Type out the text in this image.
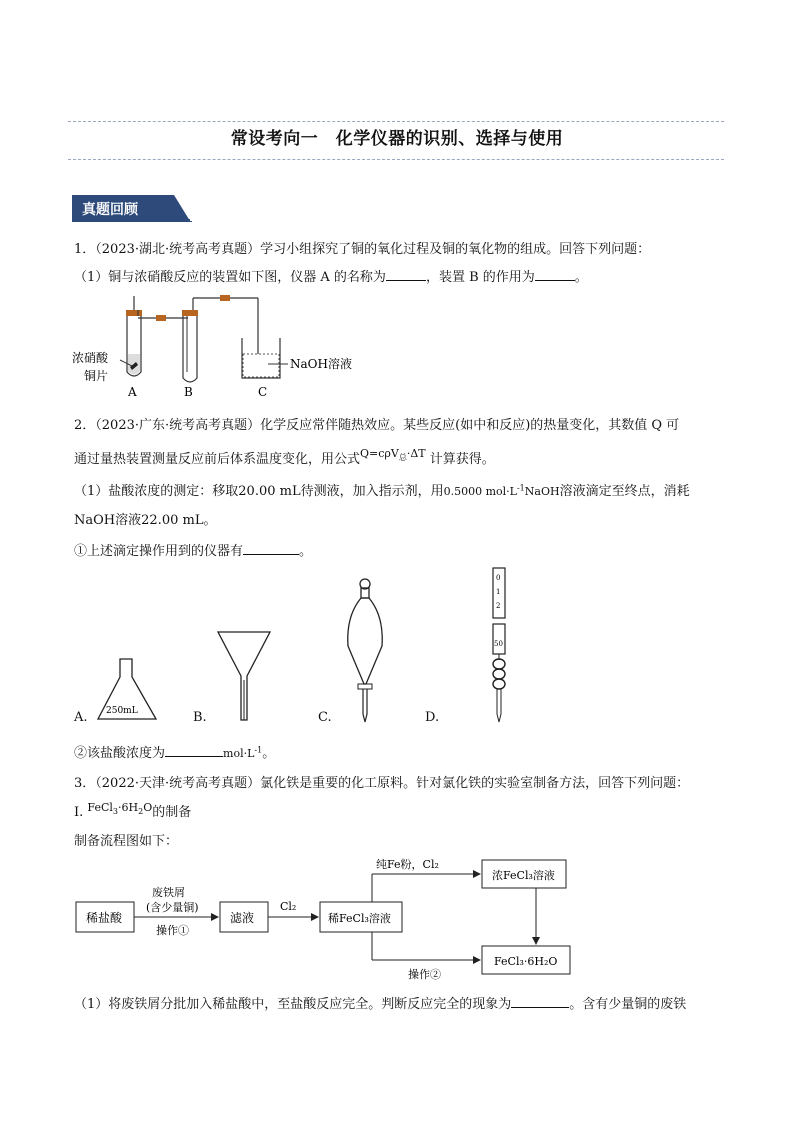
常设考向一　化学仪器的识别、选择与使用
真题回顾
1．（2023·湖北·统考高考真题）学习小组探究了铜的氧化过程及铜的氧化物的组成。回答下列问题：
（1）铜与浓硝酸反应的装置如下图，仪器 A 的名称为	，装置 B 的作用为	。
浓硝酸
铜片
NaOH溶液
A	B	C
2．（2023·广东·统考高考真题）化学反应常伴随热效应。某些反应(如中和反应)的热量变化，其数值 Q 可
通过量热装置测量反应前后体系温度变化，用公式$^{Q=c\rho V_总\cdot\Delta T}$ 计算获得。
（1）盐酸浓度的测定：移取20.00 mL待测液，加入指示剂，用0.5000 $mol\cdot L^{-1}NaOH$溶液滴定至终点，消耗
NaOH溶液22.00 mL。
①上述滴定操作用到的仪器有	。
A. 250mL	B.	C.	D.
0
1
2
50
②该盐酸浓度为	$mol\cdot L^{-1}$。
3．（2022·天津·统考高考真题）氯化铁是重要的化工原料。针对氯化铁的实验室制备方法，回答下列问题：
I. $^{FeCl_3\cdot 6H_2O}$的制备
制备流程图如下：
稀盐酸
废铁屑
(含少量铜)
操作①
滤液
Cl₂
稀FeCl₃溶液
纯Fe粉，Cl₂
浓FeCl₃溶液
操作②
FeCl₃·6H₂O
（1）将废铁屑分批加入稀盐酸中，至盐酸反应完全。判断反应完全的现象为	。含有少量铜的废铁
